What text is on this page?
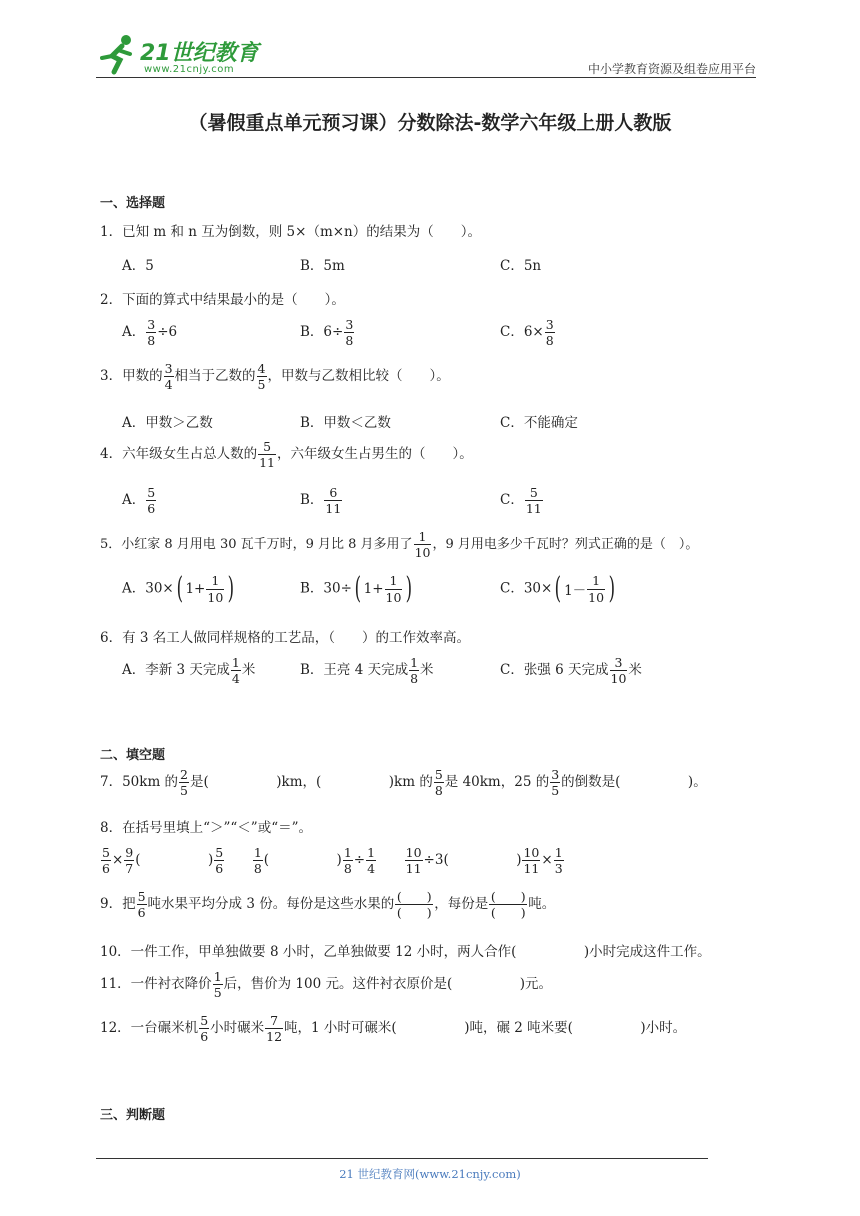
21世纪教育
www.21cnjy.com	中小学教育资源及组卷应用平台
（暑假重点单元预习课）分数除法-数学六年级上册人教版
一、选择题
1．已知 m 和 n 互为倒数，则 5×（m×n）的结果为（　　）。
A．5	B．5m	C．5n
2．下面的算式中结果最小的是（　　）。
A． $\frac{3}{8} \div 6$	B．$6\div \frac{3}{8}$	C．$6\times \frac{3}{8}$
3．甲数的 $\frac{3}{4}$ 相当于乙数的 $\frac{4}{5}$ ，甲数与乙数相比较（　　）。
A．甲数＞乙数	B．甲数＜乙数	C．不能确定
4．六年级女生占总人数的 $\frac{5}{11}$ ，六年级女生占男生的（　　）。
A． $\frac{5}{6}$	B． $\frac{6}{11}$	C． $\frac{5}{11}$
5．小红家 8 月用电 30 瓦千万时，9 月比 8 月多用了 $\frac{1}{10}$ ，9 月用电多少千瓦时？列式正确的是（　）。
A．30× ( $1+ \frac{1}{10}$ )	B．30÷ ( $1+ \frac{1}{10}$ )	C．30× ( $1- \frac{1}{10}$ )
6．有 3 名工人做同样规格的工艺品，（　　）的工作效率高。
A．李新 3 天完成 $\frac{1}{4}$ 米	B．王亮 4 天完成 $\frac{1}{8}$ 米	C．张强 6 天完成 $\frac{3}{10}$ 米
二、填空题
7．50km 的 $\frac{2}{5}$ 是(　　　　　)km，(　　　　　)km 的 $\frac{5}{8}$ 是 40km，25 的 $\frac{3}{5}$ 的倒数是(　　　　　)。
8．在括号里填上“＞”“＜”或“＝”。
$\frac{5}{6} \times \frac{9}{7}$ (　　　　　) $\frac{5}{6}$
$\frac{1}{8}$ (　　　　　) $\frac{1}{8} \div \frac{1}{4}$
$\frac{10}{11} \div 3$(　　　　　) $\frac{10}{11} \times \frac{1}{3}$
9．把 $\frac{5}{6}$ 吨水果平均分成 3 份。每份是这些水果的 $\frac{( )}{( )}$ ，每份是 $\frac{( )}{( )}$ 吨。
10．一件工作，甲单独做要 8 小时，乙单独做要 12 小时，两人合作(　　　　　)小时完成这件工作。
11．一件衬衣降价 $\frac{1}{5}$ 后，售价为 100 元。这件衬衣原价是(　　　　　)元。
12．一台碾米机 $\frac{5}{6}$ 小时碾米 $\frac{7}{12}$ 吨，1 小时可碾米(　　　　　)吨，碾 2 吨米要(　　　　　)小时。
三、判断题
21 世纪教育网(www.21cnjy.com)
